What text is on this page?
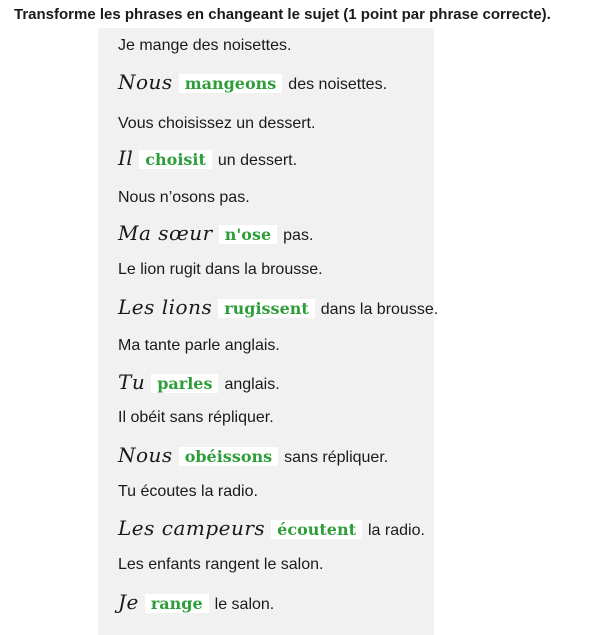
Transforme les phrases en changeant le sujet (1 point par phrase correcte).
Je mange des noisettes.
Nous mangeons des noisettes.
Vous choisissez un dessert.
Il choisit un dessert.
Nous n’osons pas.
Ma sœur n'ose pas.
Le lion rugit dans la brousse.
Les lions rugissent dans la brousse.
Ma tante parle anglais.
Tu parles anglais.
Il obéit sans répliquer.
Nous obéissons sans répliquer.
Tu écoutes la radio.
Les campeurs écoutent la radio.
Les enfants rangent le salon.
Je range le salon.
